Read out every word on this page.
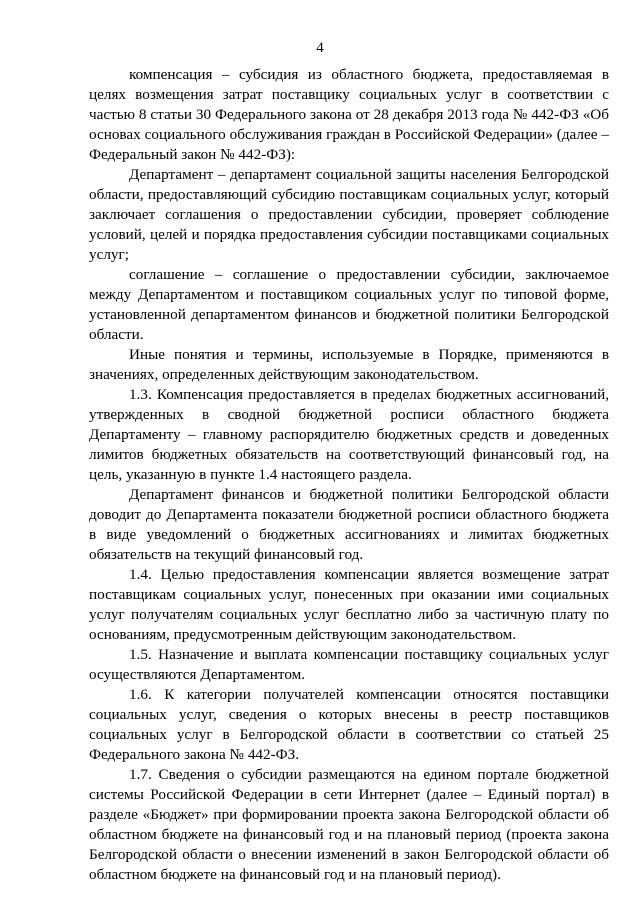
4

компенсация – субсидия из областного бюджета, предоставляемая в целях возмещения затрат поставщику социальных услуг в соответствии с частью 8 статьи 30 Федерального закона от 28 декабря 2013 года № 442-ФЗ «Об основах социального обслуживания граждан в Российской Федерации» (далее – Федеральный закон № 442-ФЗ):

Департамент – департамент социальной защиты населения Белгородской области, предоставляющий субсидию поставщикам социальных услуг, который заключает соглашения о предоставлении субсидии, проверяет соблюдение условий, целей и порядка предоставления субсидии поставщиками социальных услуг;

соглашение – соглашение о предоставлении субсидии, заключаемое между Департаментом и поставщиком социальных услуг по типовой форме, установленной департаментом финансов и бюджетной политики Белгородской области.

Иные понятия и термины, используемые в Порядке, применяются в значениях, определенных действующим законодательством.

1.3. Компенсация предоставляется в пределах бюджетных ассигнований, утвержденных в сводной бюджетной росписи областного бюджета Департаменту – главному распорядителю бюджетных средств и доведенных лимитов бюджетных обязательств на соответствующий финансовый год, на цель, указанную в пункте 1.4 настоящего раздела.

Департамент финансов и бюджетной политики Белгородской области доводит до Департамента показатели бюджетной росписи областного бюджета в виде уведомлений о бюджетных ассигнованиях и лимитах бюджетных обязательств на текущий финансовый год.

1.4. Целью предоставления компенсации является возмещение затрат поставщикам социальных услуг, понесенных при оказании ими социальных услуг получателям социальных услуг бесплатно либо за частичную плату по основаниям, предусмотренным действующим законодательством.

1.5. Назначение и выплата компенсации поставщику социальных услуг осуществляются Департаментом.

1.6. К категории получателей компенсации относятся поставщики социальных услуг, сведения о которых внесены в реестр поставщиков социальных услуг в Белгородской области в соответствии со статьей 25 Федерального закона № 442-ФЗ.

1.7. Сведения о субсидии размещаются на едином портале бюджетной системы Российской Федерации в сети Интернет (далее – Единый портал) в разделе «Бюджет» при формировании проекта закона Белгородской области об областном бюджете на финансовый год и на плановый период (проекта закона Белгородской области о внесении изменений в закон Белгородской области об областном бюджете на финансовый год и на плановый период).
